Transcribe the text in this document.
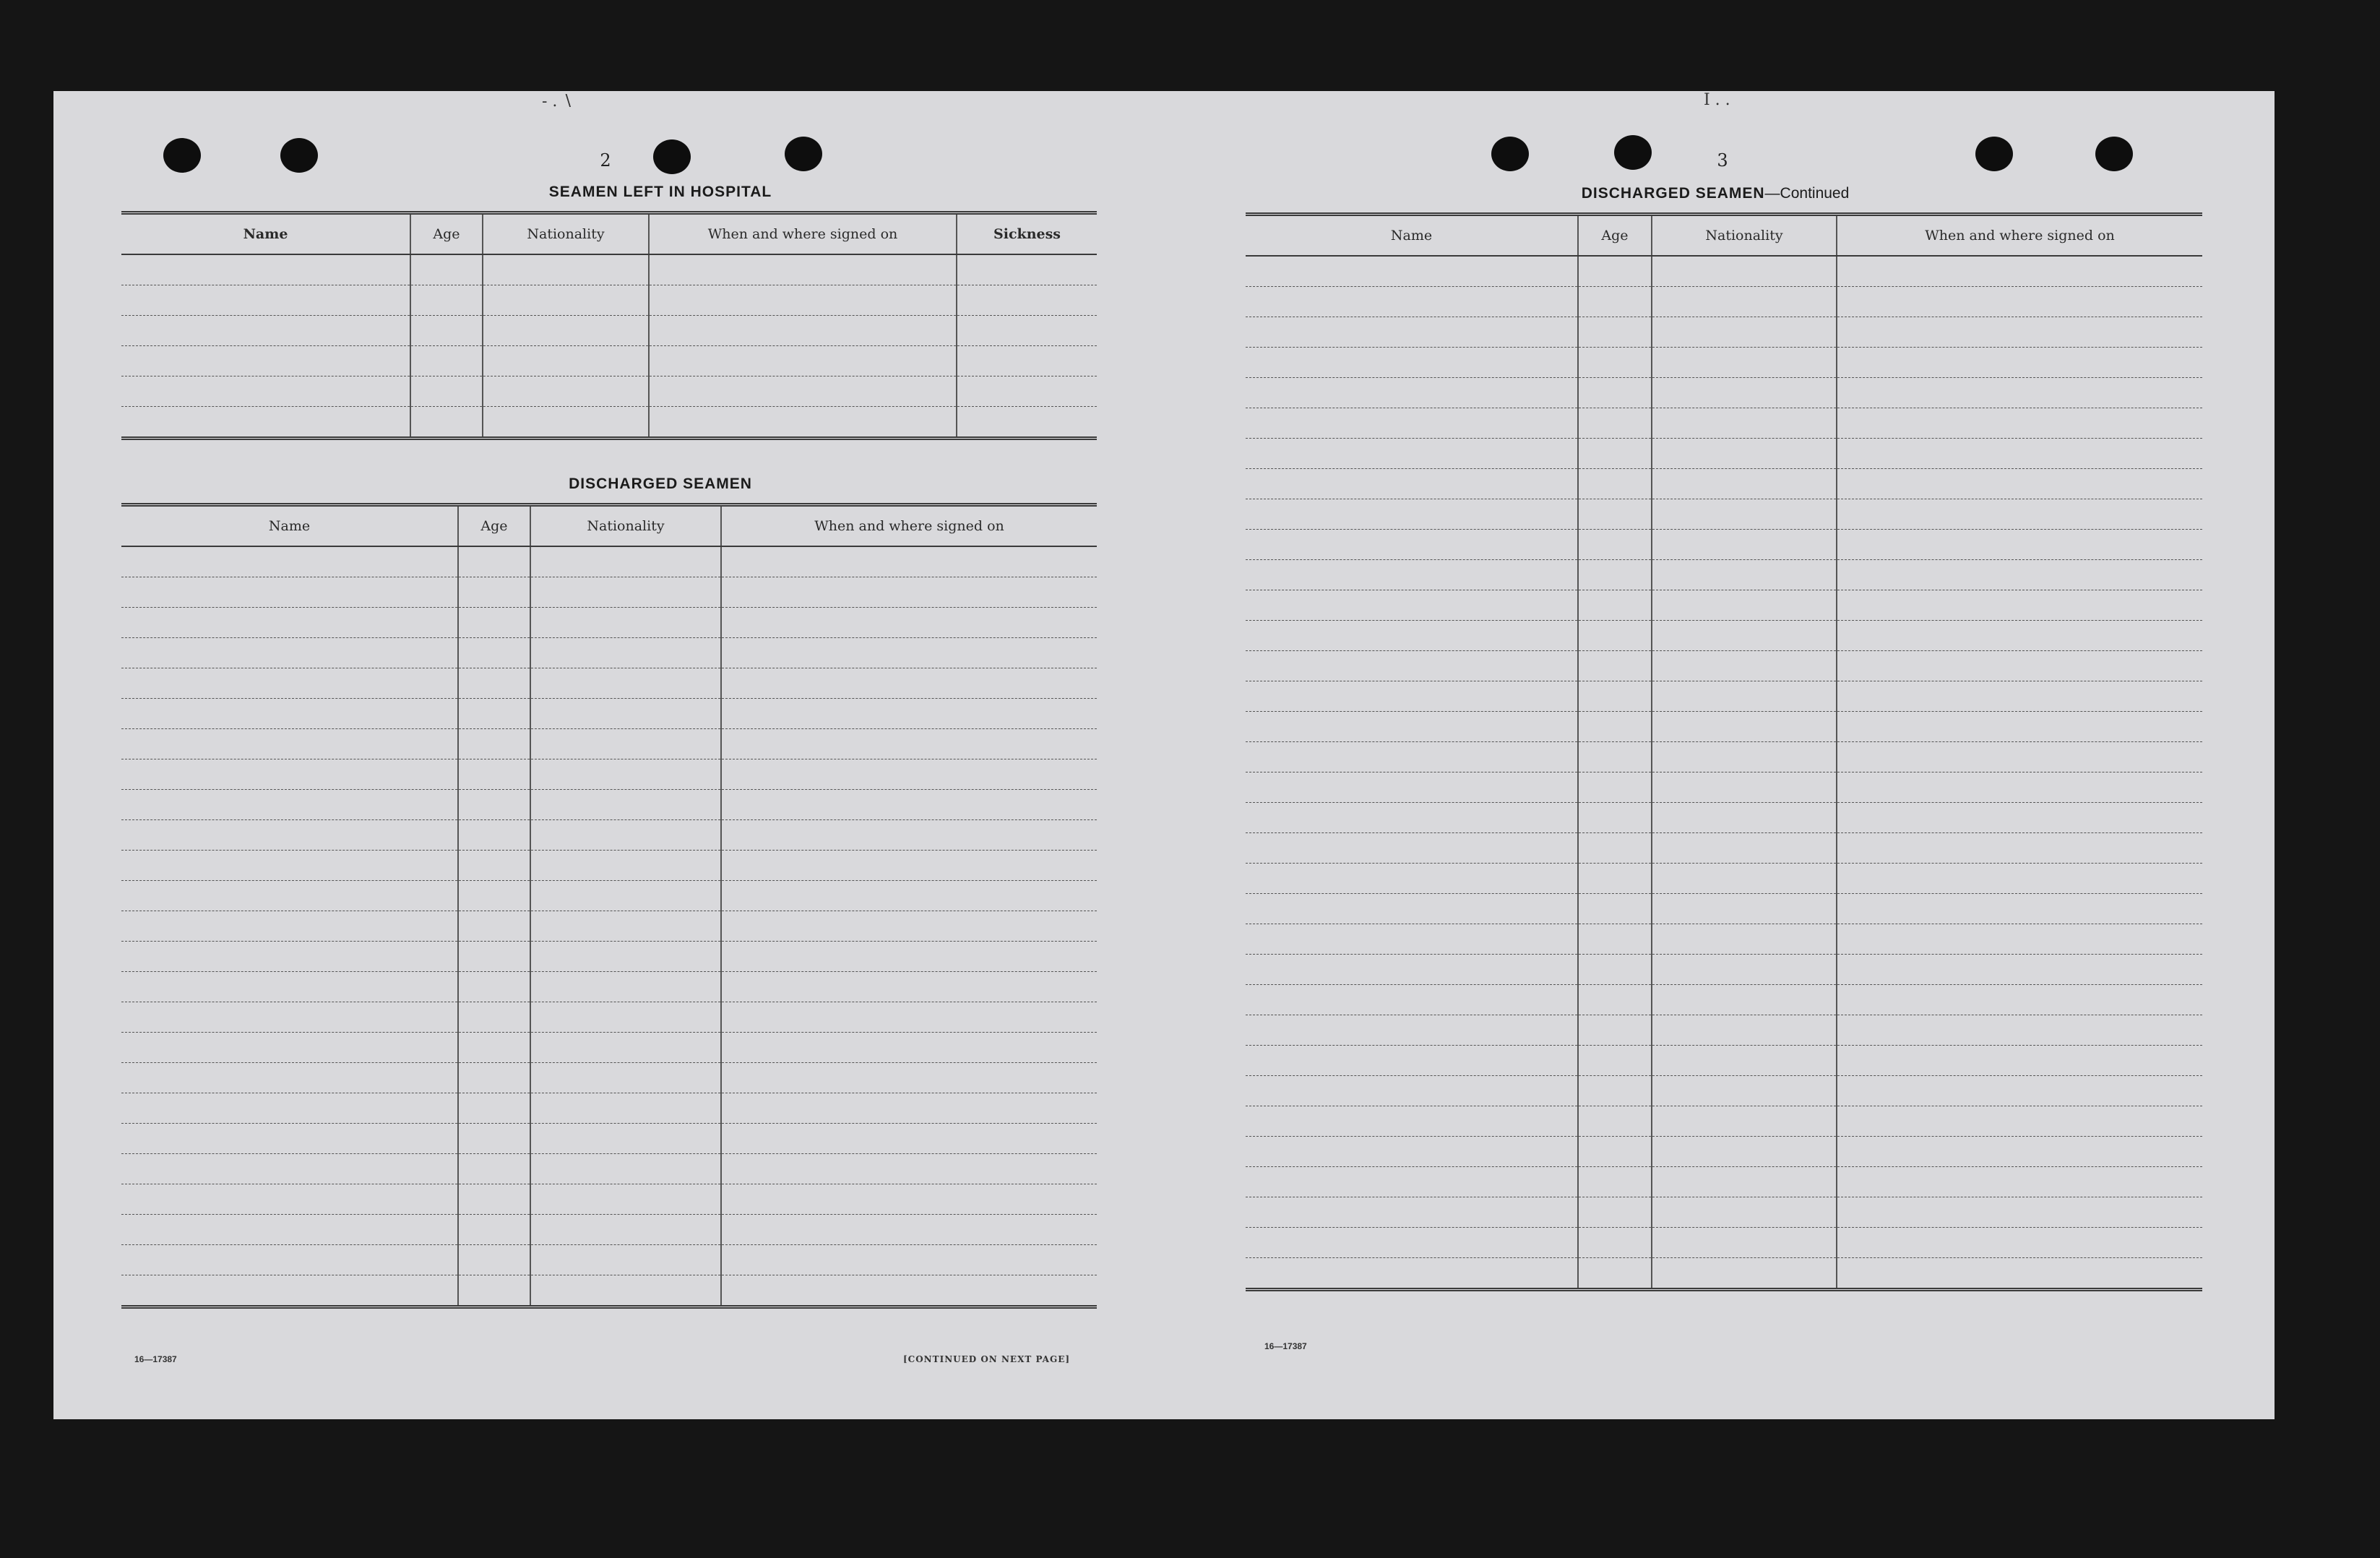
- . ∖	I . .
2
SEAMEN LEFT IN HOSPITAL
Name	Age	Nationality	When and where signed on	Sickness

DISCHARGED SEAMEN
Name	Age	Nationality	When and where signed on

16—17387	[CONTINUED ON NEXT PAGE]
3
DISCHARGED SEAMEN—Continued
Name	Age	Nationality	When and where signed on

16—17387
